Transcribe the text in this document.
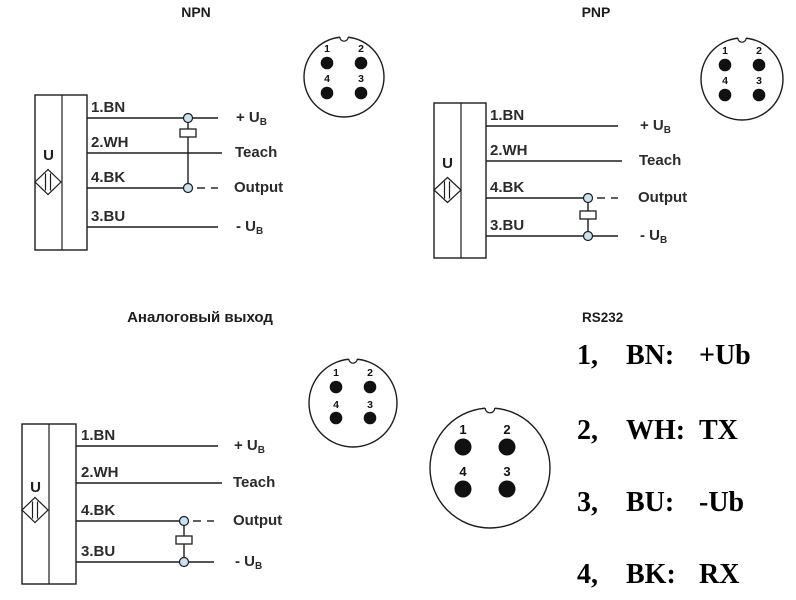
NPN
U
1.BN
2.WH
4.BK
3.BU
+ $U_B$
Teach
Output
- $U_B$
1	2
4	3
PNP
U
1.BN
2.WH
4.BK
3.BU
+ $U_B$
Teach
Output
- $U_B$
1	2
4	3
Аналоговый выход
U
1.BN
2.WH
4.BK
3.BU
+ $U_B$
Teach
Output
- $U_B$
1	2
4	3
RS232
1	2
4	3
1, BN: +Ub
2, WH: TX
3, BU: -Ub
4, BK: RX
